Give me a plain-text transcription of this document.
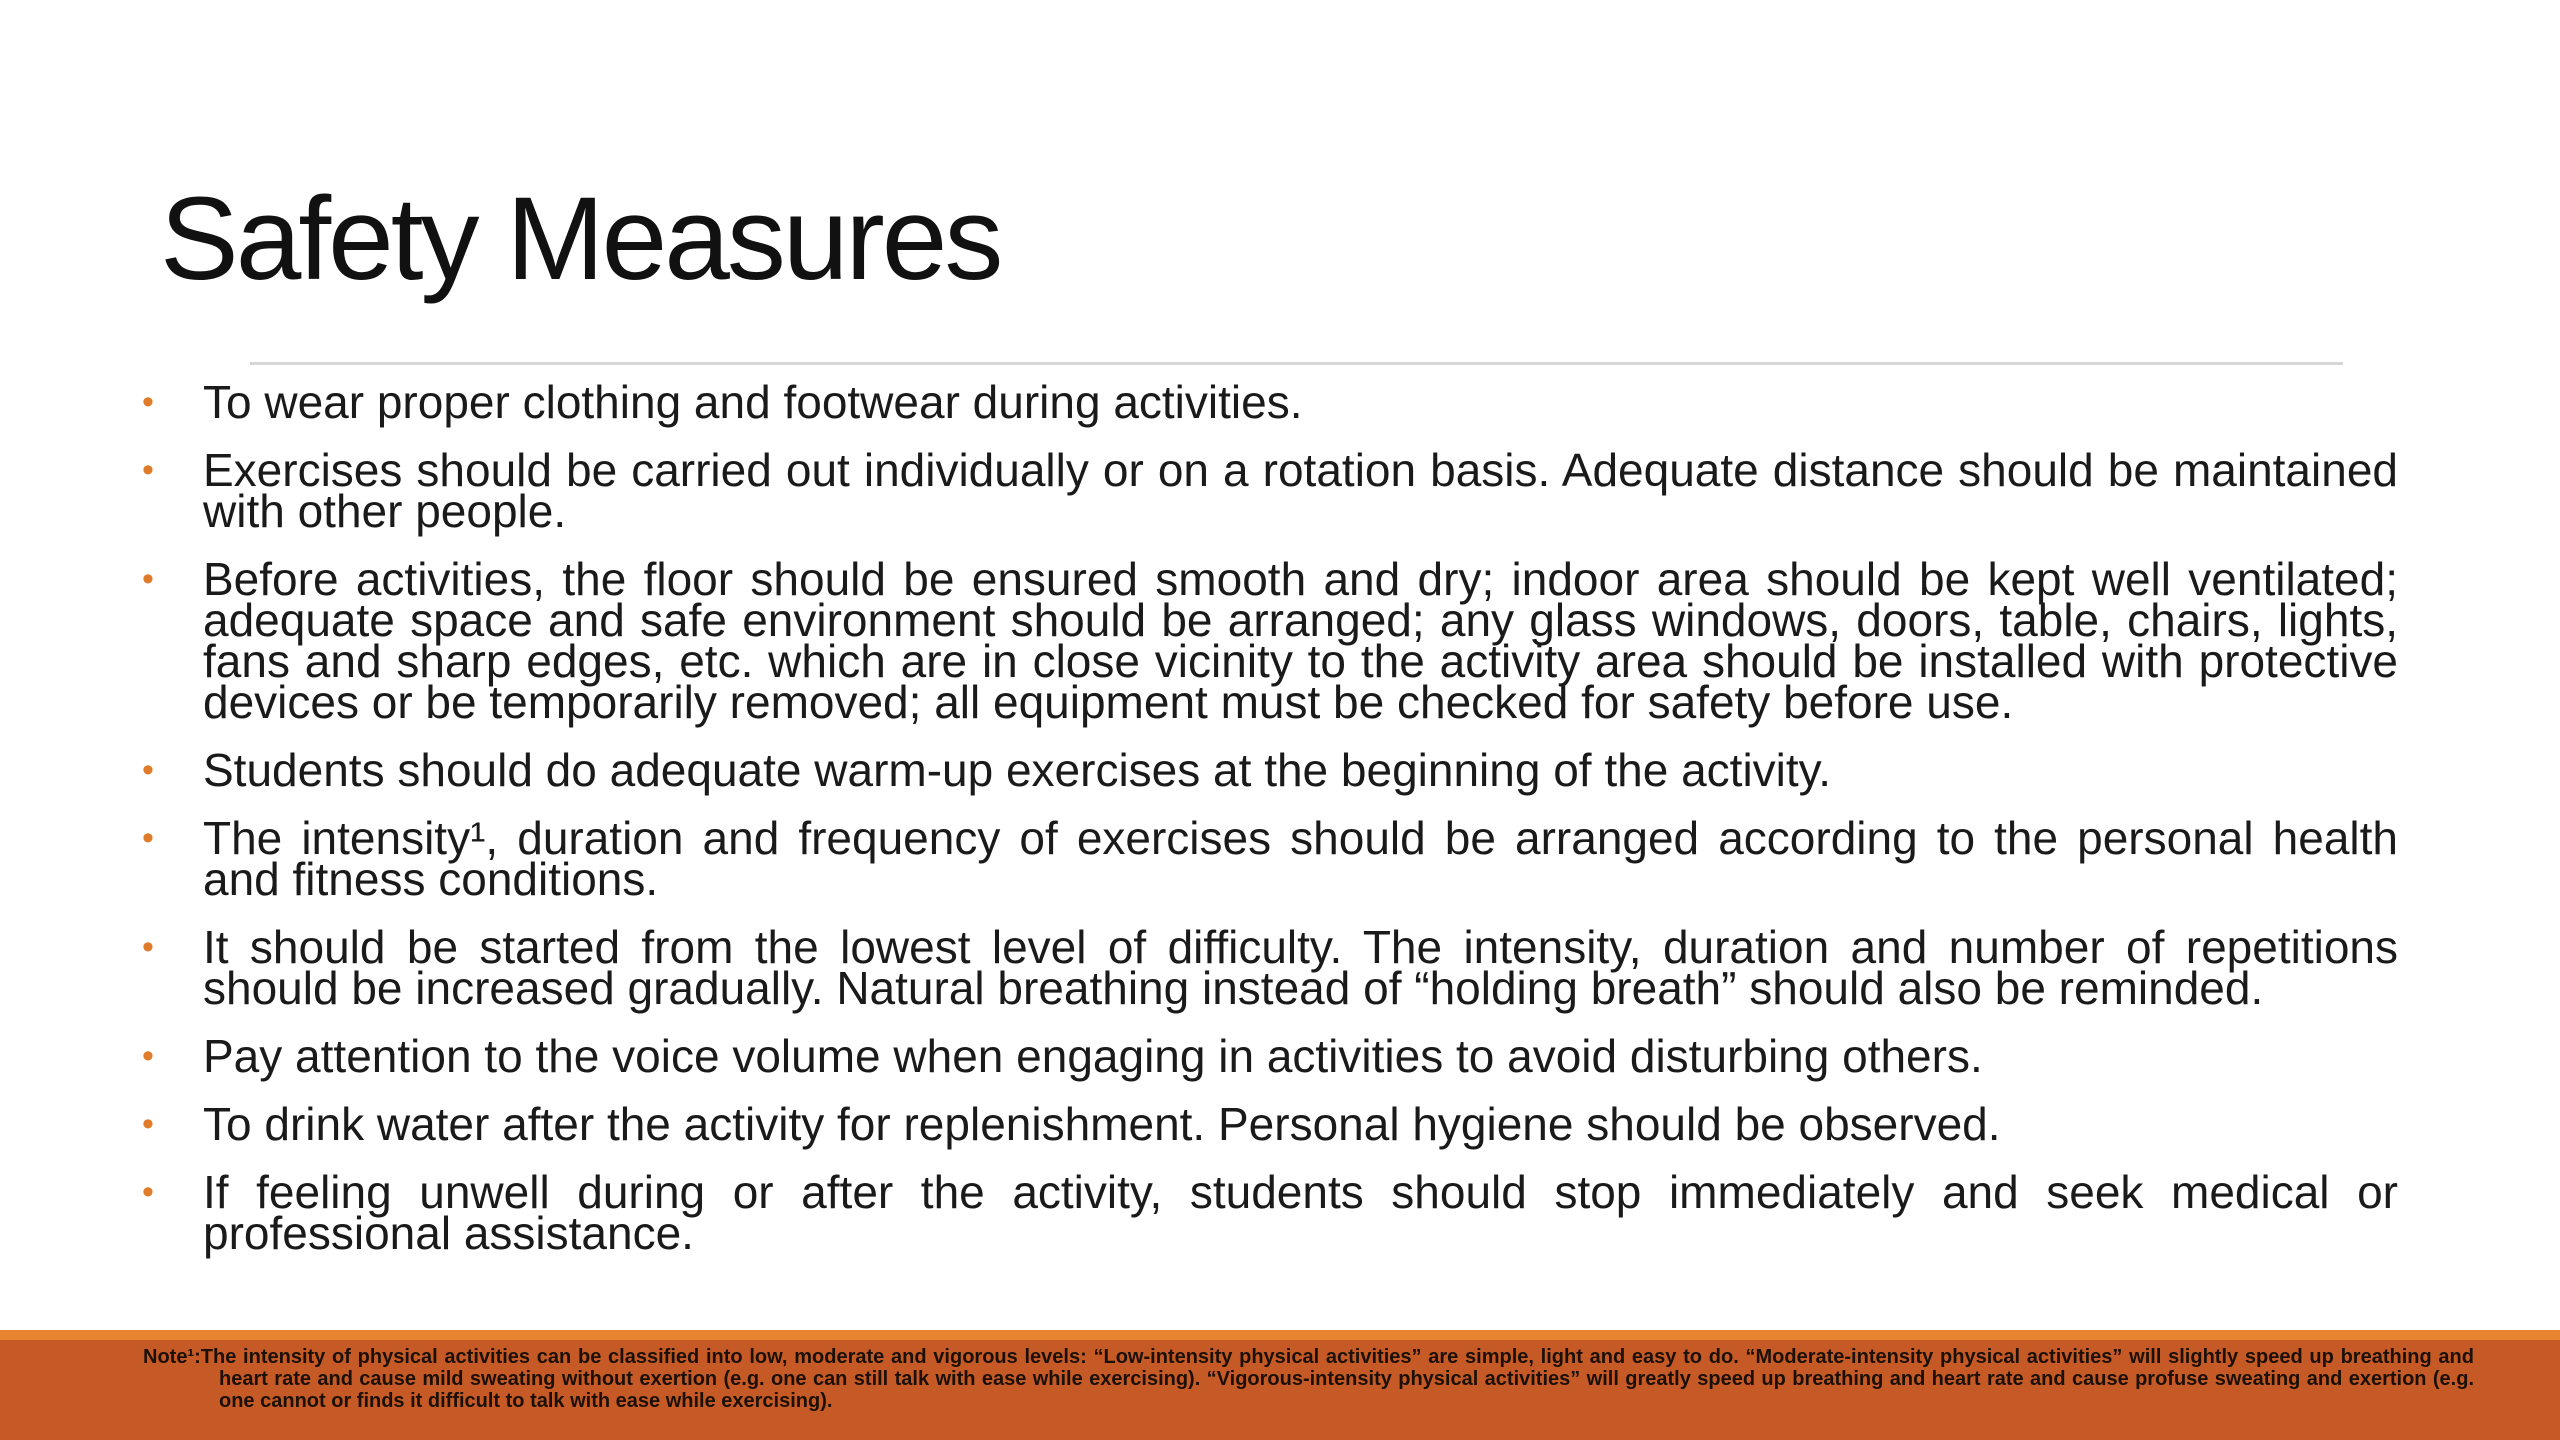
Safety Measures
• To wear proper clothing and footwear during activities.
• Exercises should be carried out individually or on a rotation basis. Adequate distance should be maintained with other people.
• Before activities, the floor should be ensured smooth and dry; indoor area should be kept well ventilated; adequate space and safe environment should be arranged; any glass windows, doors, table, chairs, lights, fans and sharp edges, etc. which are in close vicinity to the activity area should be installed with protective devices or be temporarily removed; all equipment must be checked for safety before use.
• Students should do adequate warm-up exercises at the beginning of the activity.
• The intensity¹, duration and frequency of exercises should be arranged according to the personal health and fitness conditions.
• It should be started from the lowest level of difficulty. The intensity, duration and number of repetitions should be increased gradually. Natural breathing instead of “holding breath” should also be reminded.
• Pay attention to the voice volume when engaging in activities to avoid disturbing others.
• To drink water after the activity for replenishment. Personal hygiene should be observed.
• If feeling unwell during or after the activity, students should stop immediately and seek medical or professional assistance.

Note¹:The intensity of physical activities can be classified into low, moderate and vigorous levels: “Low-intensity physical activities” are simple, light and easy to do. “Moderate-intensity physical activities” will slightly speed up breathing and heart rate and cause mild sweating without exertion (e.g. one can still talk with ease while exercising). “Vigorous-intensity physical activities” will greatly speed up breathing and heart rate and cause profuse sweating and exertion (e.g. one cannot or finds it difficult to talk with ease while exercising).
